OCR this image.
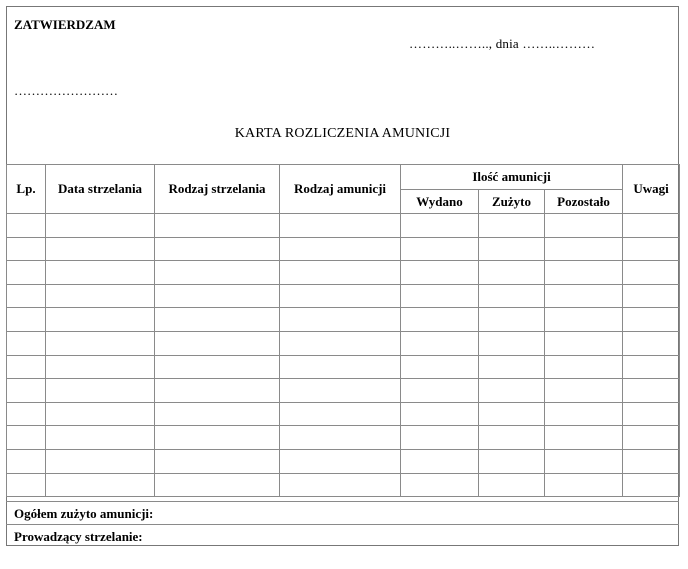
ZATWIERDZAM
………..…….., dnia ……..………
……………………
KARTA ROZLICZENIA AMUNICJI
Lp.	Data strzelania	Rodzaj strzelania	Rodzaj amunicji	Ilość amunicji			Uwagi
				Wydano	Zużyto	Pozostało	

Ogółem zużyto amunicji:
Prowadzący strzelanie:
